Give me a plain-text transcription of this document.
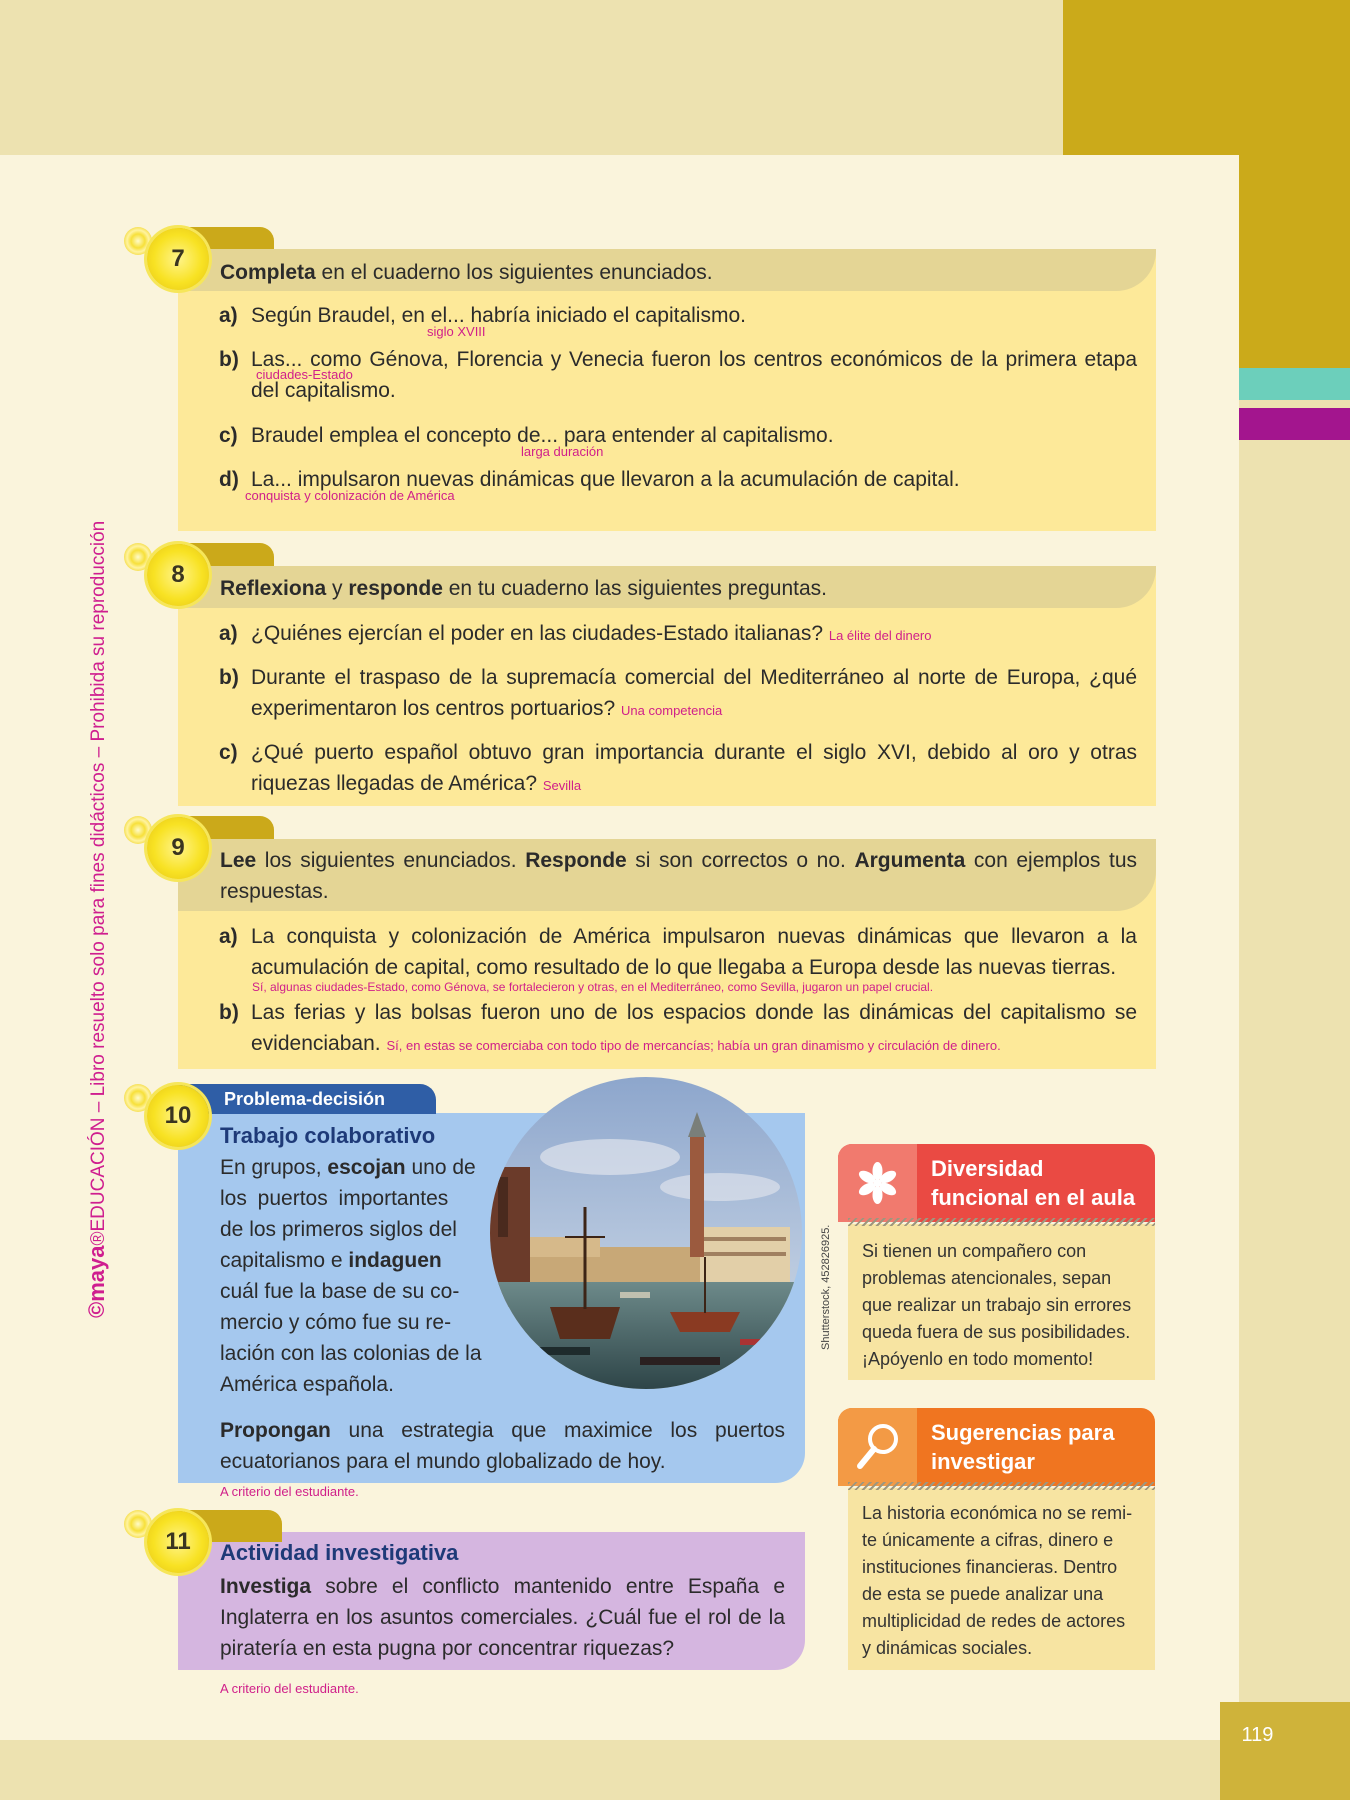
119
©maya®EDUCACIÓN – Libro resuelto solo para fines didácticos – Prohibida su reproducción
7
Completa en el cuaderno los siguientes enunciados.
a) Según Braudel, en el... habría iniciado el capitalismo.
siglo XVIII
b) Las... como Génova, Florencia y Venecia fueron los centros económicos de la primera etapa del capitalismo.
ciudades-Estado
c) Braudel emplea el concepto de... para entender al capitalismo.
larga duración
d) La... impulsaron nuevas dinámicas que llevaron a la acumulación de capital.
conquista y colonización de América
8
Reflexiona y responde en tu cuaderno las siguientes preguntas.
a) ¿Quiénes ejercían el poder en las ciudades-Estado italianas? La élite del dinero
b) Durante el traspaso de la supremacía comercial del Mediterráneo al norte de Europa, ¿qué experimentaron los centros portuarios? Una competencia
c) ¿Qué puerto español obtuvo gran importancia durante el siglo XVI, debido al oro y otras riquezas llegadas de América? Sevilla
9	Lee los siguientes enunciados. Responde si son correctos o no. Argumenta con ejemplos tus respuestas.
a) La conquista y colonización de América impulsaron nuevas dinámicas que llevaron a la acumulación de capital, como resultado de lo que llegaba a Europa desde las nuevas tierras.
Sí, algunas ciudades-Estado, como Génova, se fortalecieron y otras, en el Mediterráneo, como Sevilla, jugaron un papel crucial.
b) Las ferias y las bolsas fueron uno de los espacios donde las dinámicas del capitalismo se evidenciaban. Sí, en estas se comerciaba con todo tipo de mercancías; había un gran dinamismo y circulación de dinero.
Problema-decisión
10
Trabajo colaborativo
En grupos, escojan uno de
los puertos importantes
de los primeros siglos del
capitalismo e indaguen
cuál fue la base de su co-
mercio y cómo fue su re-
lación con las colonias de la
América española.
Propongan una estrategia que maximice los puertos ecuatorianos para el mundo globalizado de hoy.
A criterio del estudiante.
Shutterstock, 452826925.
11	Actividad investigativa
Investiga sobre el conflicto mantenido entre España e Inglaterra en los asuntos comerciales. ¿Cuál fue el rol de la piratería en esta pugna por concentrar riquezas?
A criterio del estudiante.
Diversidad
funcional en el aula
Si tienen un compañero con
problemas atencionales, sepan
que realizar un trabajo sin errores
queda fuera de sus posibilidades.
¡Apóyenlo en todo momento!
Sugerencias para
investigar
La historia económica no se remi-
te únicamente a cifras, dinero e
instituciones financieras. Dentro
de esta se puede analizar una
multiplicidad de redes de actores
y dinámicas sociales.
